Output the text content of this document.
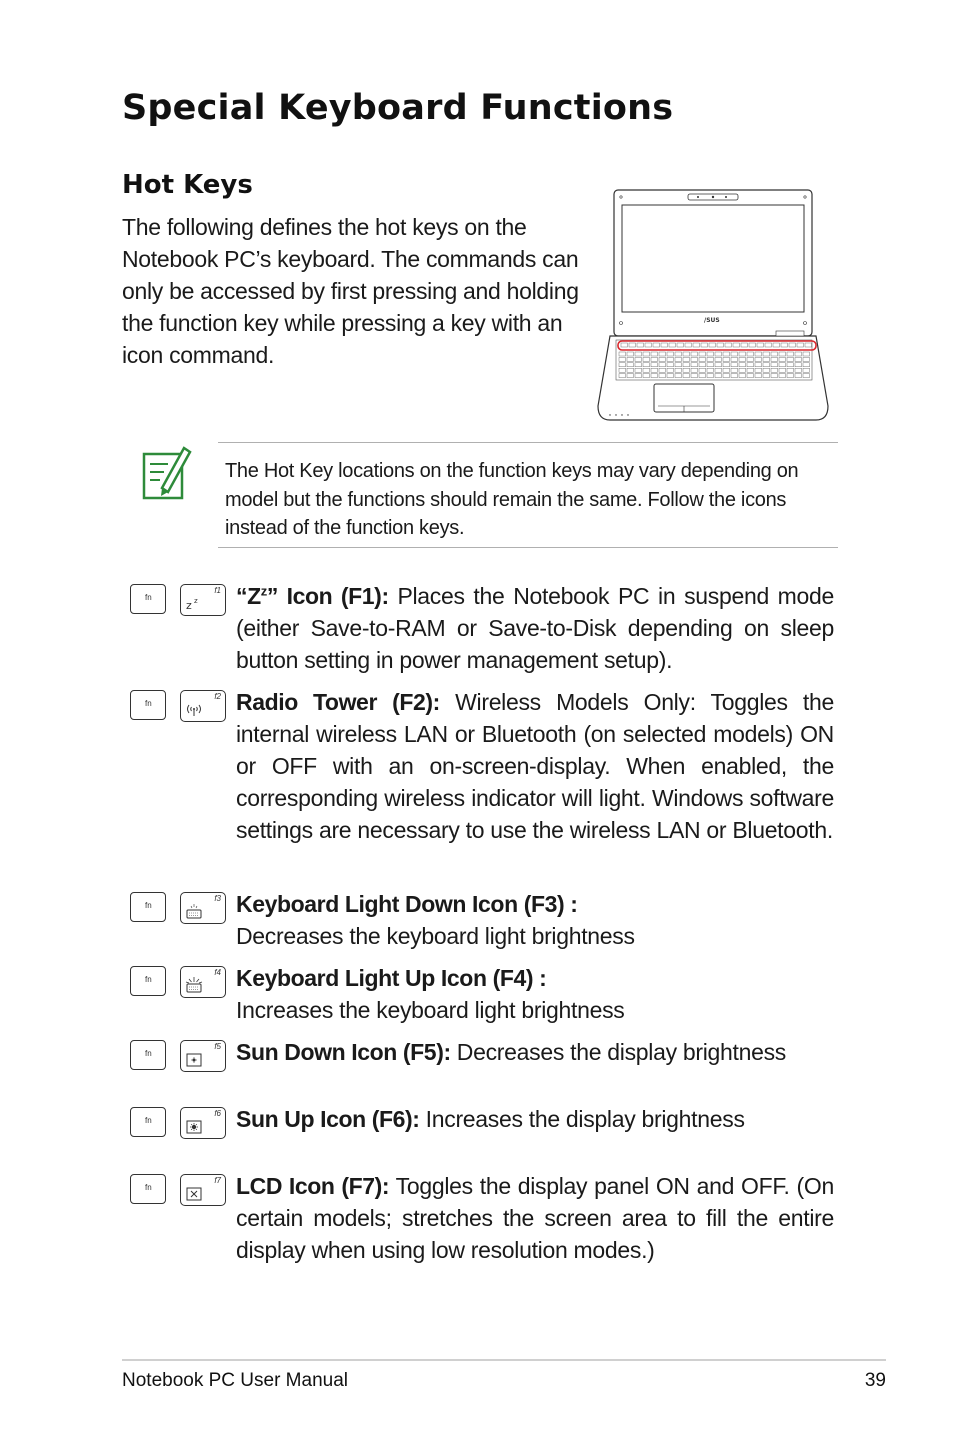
Special Keyboard Functions
Hot Keys

The following defines the hot keys on the Notebook PC’s keyboard. The commands can only be accessed by first pressing and holding the function key while pressing a key with an icon command.

/SUS

The Hot Key locations on the function keys may vary depending on model but the functions should remain the same. Follow the icons instead of the function keys.

fn
f1
z z “$Z^z$” Icon (F1): Places the Notebook PC in suspend mode (either Save-to-RAM or Save-to-Disk depending on sleep button setting in power management setup).

fn
f2 Radio Tower (F2): Wireless Models Only: Toggles the internal wireless LAN or Bluetooth (on selected models) ON or OFF with an on-screen-display. When enabled, the corresponding wireless indicator will light. Windows software settings are necessary to use the wireless LAN or Bluetooth.

fn
f3 Keyboard Light Down Icon (F3) :
Decreases the keyboard light brightness

fn
f4 Keyboard Light Up Icon (F4) :
Increases the keyboard light brightness

fn
f5 Sun Down Icon (F5): Decreases the display brightness

fn
f6 Sun Up Icon (F6): Increases the display brightness

fn
f7 LCD Icon (F7): Toggles the display panel ON and OFF. (On certain models; stretches the screen area to fill the entire display when using low resolution modes.)

Notebook PC User Manual	39
